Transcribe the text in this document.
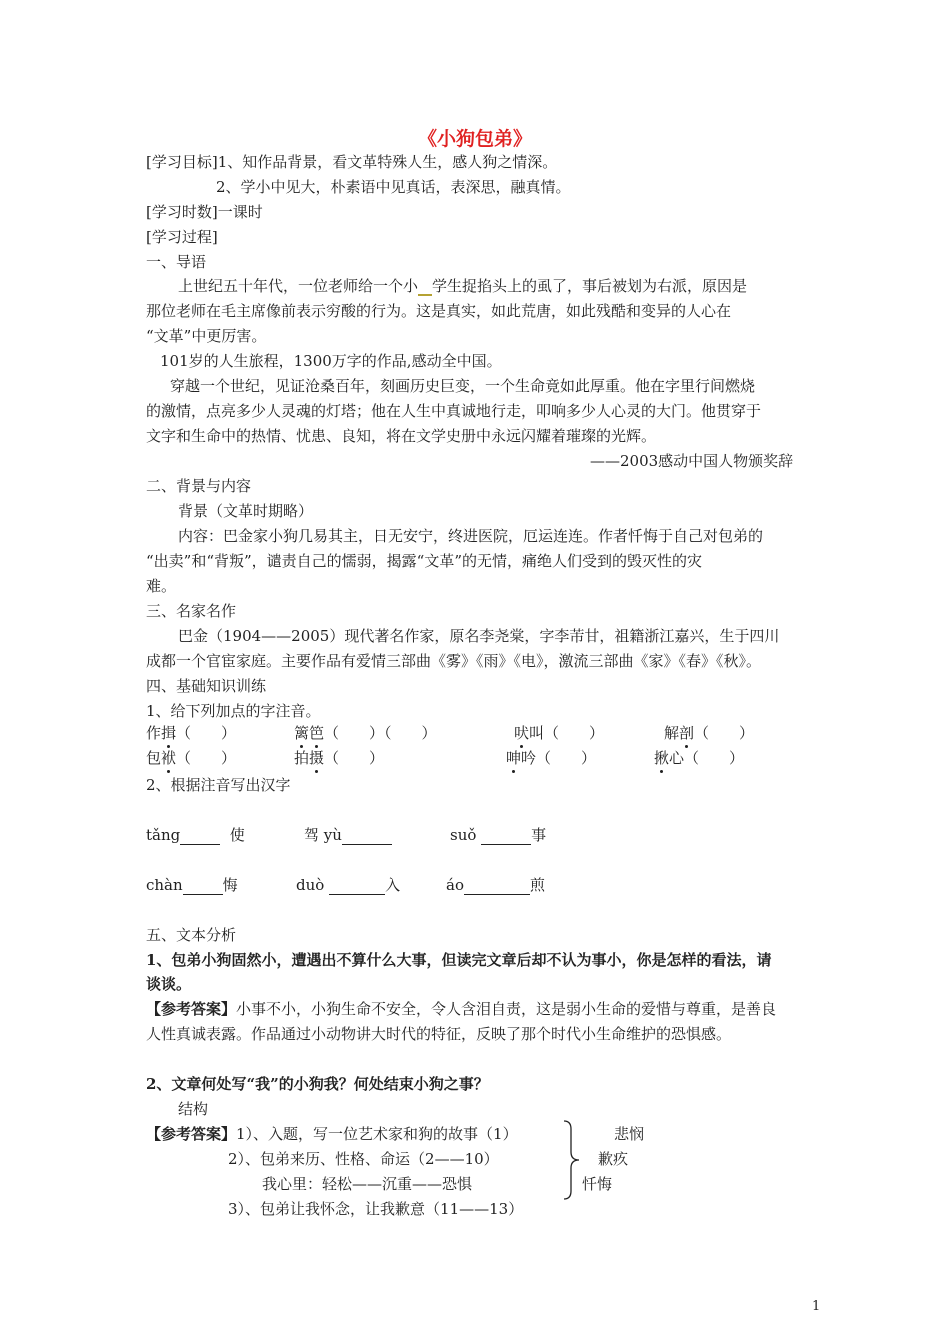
《小狗包弟》
[学习目标]1、知作品背景，看文革特殊人生，感人狗之情深。
2、学小中见大，朴素语中见真话，表深思，融真情。
[学习时数]一课时
[学习过程]
一、导语
上世纪五十年代，一位老师给一个小 学生捉掐头上的虱了，事后被划为右派，原因是
那位老师在毛主席像前表示穷酸的行为。这是真实，如此荒唐，如此残酷和变异的人心在
“文革”中更厉害。
101岁的人生旅程，1300万字的作品,感动全中国。
穿越一个世纪，见证沧桑百年，刻画历史巨变，一个生命竟如此厚重。他在字里行间燃烧
的激情，点亮多少人灵魂的灯塔；他在人生中真诚地行走，叩响多少人心灵的大门。他贯穿于
文字和生命中的热情、忧患、良知，将在文学史册中永远闪耀着璀璨的光辉。
——2003感动中国人物颁奖辞
二、背景与内容
背景（文革时期略）
内容：巴金家小狗几易其主，日无安宁，终进医院，厄运连连。作者忏悔于自己对包弟的
“出卖”和“背叛”，谴责自己的懦弱，揭露“文革”的无情，痛绝人们受到的毁灭性的灾
难。
三、名家名作
巴金（1904——2005）现代著名作家，原名李尧棠，字李芾甘，祖籍浙江嘉兴，生于四川
成都一个官宦家庭。主要作品有爱情三部曲《雾》《雨》《电》，激流三部曲《家》《春》《秋》。
四、基础知识训练
1、给下列加点的字注音。
作揖（　　）	篱笆（　　）（　　）	吠叫（　　）	解剖（　　）
包袱（　　）	拍摄（　　）	呻吟（　　）	揪心（　　）
2、根据注音写出汉字
tǎng	使	驾 yù	suǒ	事
chàn	悔	duò	入	áo	煎
五、文本分析
1、包弟小狗固然小，遭遇出不算什么大事，但读完文章后却不认为事小，你是怎样的看法，请
谈谈。
【参考答案】小事不小，小狗生命不安全，令人含泪自责，这是弱小生命的爱惜与尊重，是善良
人性真诚表露。作品通过小动物讲大时代的特征，反映了那个时代小生命维护的恐惧感。
2、文章何处写“我”的小狗我？何处结束小狗之事？
结构
【参考答案】1）、入题，写一位艺术家和狗的故事（1）
2）、包弟来历、性格、命运（2——10）
我心里：轻松——沉重——恐惧
3）、包弟让我怀念，让我歉意（11——13）
悲悯
歉疚
忏悔
1
